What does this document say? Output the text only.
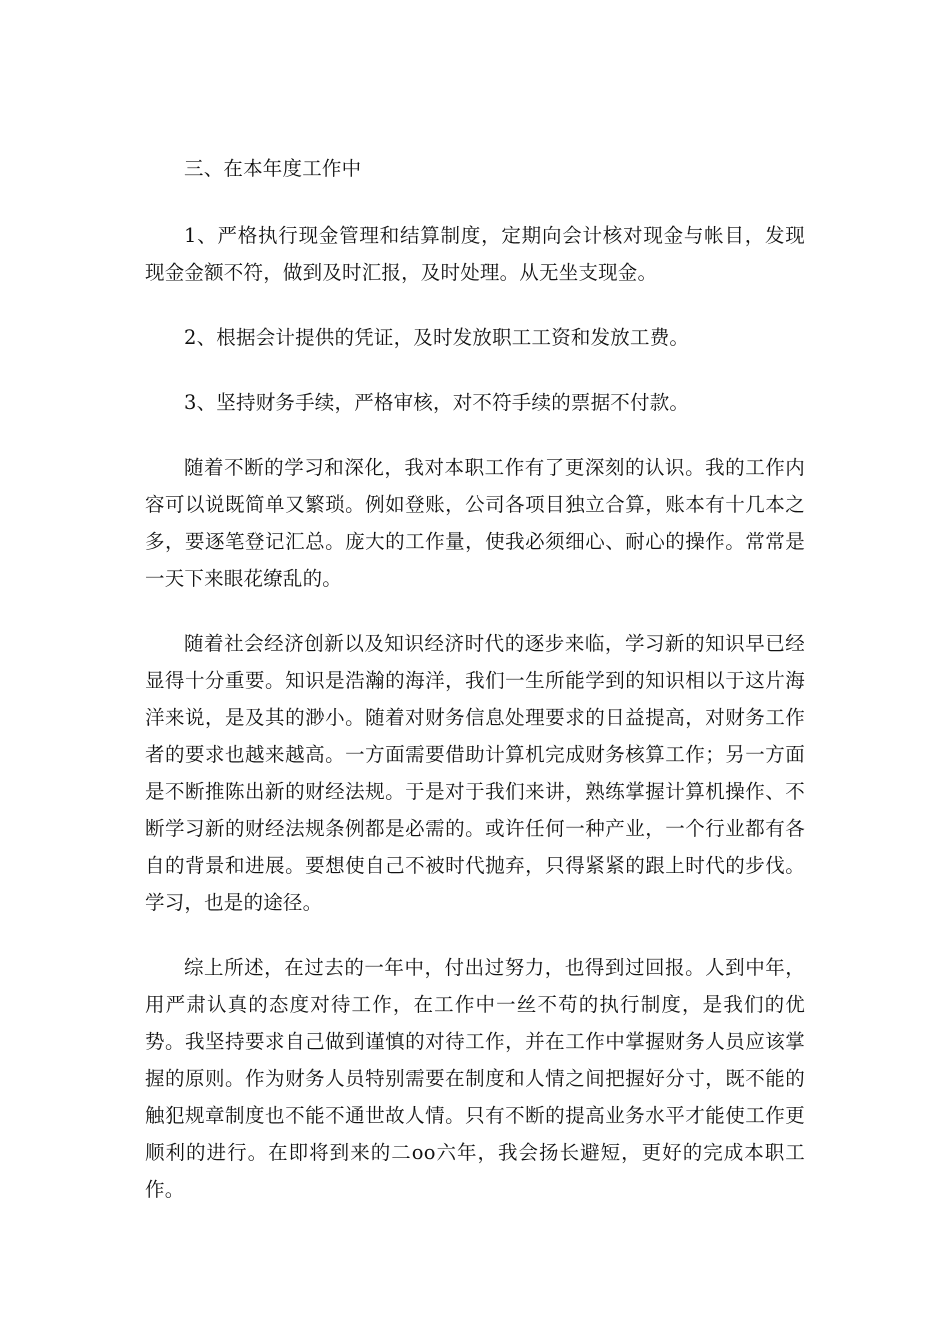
三、在本年度工作中

1、严格执行现金管理和结算制度，定期向会计核对现金与帐目，发现现金金额不符，做到及时汇报，及时处理。从无坐支现金。

2、根据会计提供的凭证，及时发放职工工资和发放工费。

3、坚持财务手续，严格审核，对不符手续的票据不付款。

随着不断的学习和深化，我对本职工作有了更深刻的认识。我的工作内容可以说既简单又繁琐。例如登账，公司各项目独立合算，账本有十几本之多，要逐笔登记汇总。庞大的工作量，使我必须细心、耐心的操作。常常是一天下来眼花缭乱的。

随着社会经济创新以及知识经济时代的逐步来临，学习新的知识早已经显得十分重要。知识是浩瀚的海洋，我们一生所能学到的知识相以于这片海洋来说，是及其的渺小。随着对财务信息处理要求的日益提高，对财务工作者的要求也越来越高。一方面需要借助计算机完成财务核算工作；另一方面是不断推陈出新的财经法规。于是对于我们来讲，熟练掌握计算机操作、不断学习新的财经法规条例都是必需的。或许任何一种产业，一个行业都有各自的背景和进展。要想使自己不被时代抛弃，只得紧紧的跟上时代的步伐。学习，也是的途径。

综上所述，在过去的一年中，付出过努力，也得到过回报。人到中年，用严肃认真的态度对待工作，在工作中一丝不苟的执行制度，是我们的优势。我坚持要求自己做到谨慎的对待工作，并在工作中掌握财务人员应该掌握的原则。作为财务人员特别需要在制度和人情之间把握好分寸，既不能的触犯规章制度也不能不通世故人情。只有不断的提高业务水平才能使工作更顺利的进行。在即将到来的二oo六年，我会扬长避短，更好的完成本职工作。
